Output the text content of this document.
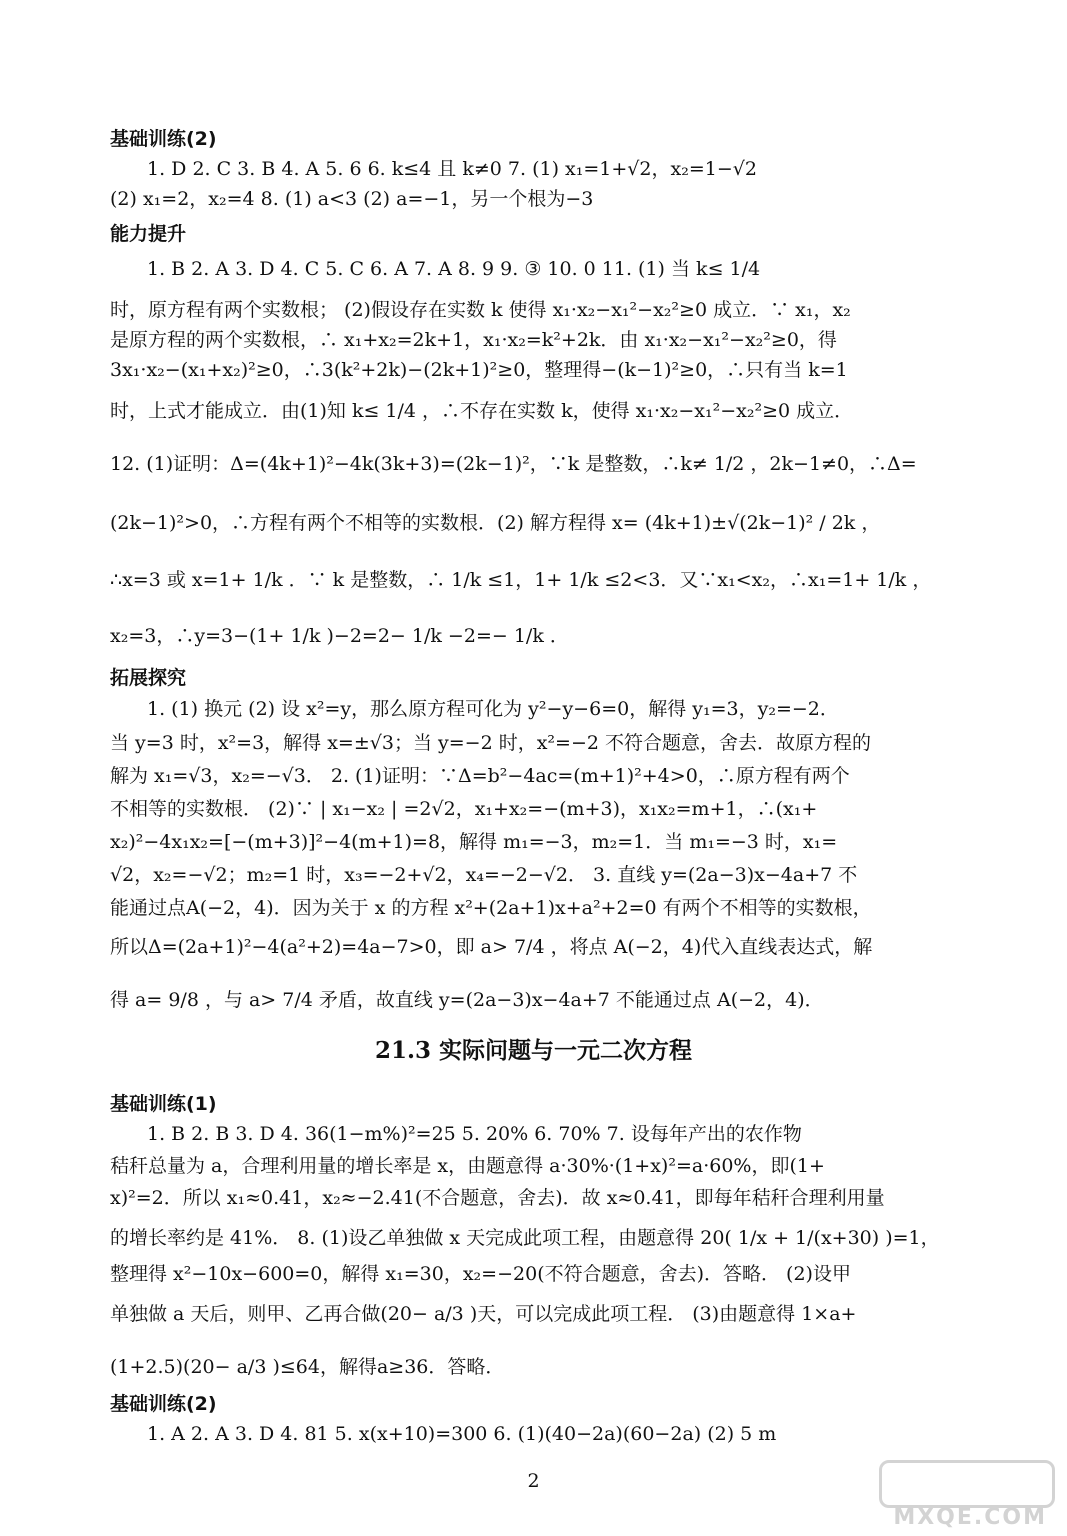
基础训练(2)
能力提升
拓展探究
1. D 2. C 3. B 4. A 5. 6 6. k≤4 且 k≠0 7. (1) x₁=1+√2，x₂=1−√2
(2) x₁=2，x₂=4 8. (1) a<3 (2) a=−1，另一个根为−3
1. B 2. A 3. D 4. C 5. C 6. A 7. A 8. 9 9. ③ 10. 0 11. (1) 当 k≤ 1/4
时，原方程有两个实数根； (2)假设存在实数 k 使得 x₁·x₂−x₁²−x₂²≥0 成立．∵ x₁，x₂
是原方程的两个实数根，∴ x₁+x₂=2k+1，x₁·x₂=k²+2k．由 x₁·x₂−x₁²−x₂²≥0，得
3x₁·x₂−(x₁+x₂)²≥0，∴3(k²+2k)−(2k+1)²≥0，整理得−(k−1)²≥0，∴只有当 k=1
时，上式才能成立．由(1)知 k≤ 1/4 ，∴不存在实数 k，使得 x₁·x₂−x₁²−x₂²≥0 成立．
12. (1)证明：Δ=(4k+1)²−4k(3k+3)=(2k−1)²，∵k 是整数，∴k≠ 1/2 ，2k−1≠0，∴Δ=
(2k−1)²>0，∴方程有两个不相等的实数根．(2) 解方程得 x= (4k+1)±√(2k−1)² / 2k ，
∴x=3 或 x=1+ 1/k ．∵ k 是整数，∴ 1/k ≤1，1+ 1/k ≤2<3．又∵x₁<x₂，∴x₁=1+ 1/k ，
x₂=3，∴y=3−(1+ 1/k )−2=2− 1/k −2=− 1/k ．
1. (1) 换元 (2) 设 x²=y，那么原方程可化为 y²−y−6=0，解得 y₁=3，y₂=−2．
当 y=3 时，x²=3，解得 x=±√3；当 y=−2 时，x²=−2 不符合题意，舍去．故原方程的
解为 x₁=√3，x₂=−√3． 2. (1)证明：∵Δ=b²−4ac=(m+1)²+4>0，∴原方程有两个
不相等的实数根． (2)∵ | x₁−x₂ | =2√2，x₁+x₂=−(m+3)，x₁x₂=m+1，∴(x₁+
x₂)²−4x₁x₂=[−(m+3)]²−4(m+1)=8，解得 m₁=−3，m₂=1．当 m₁=−3 时，x₁=
√2，x₂=−√2；m₂=1 时，x₃=−2+√2，x₄=−2−√2． 3. 直线 y=(2a−3)x−4a+7 不
能通过点A(−2，4)．因为关于 x 的方程 x²+(2a+1)x+a²+2=0 有两个不相等的实数根，
所以Δ=(2a+1)²−4(a²+2)=4a−7>0，即 a> 7/4 ，将点 A(−2，4)代入直线表达式，解
得 a= 9/8 ，与 a> 7/4 矛盾，故直线 y=(2a−3)x−4a+7 不能通过点 A(−2，4)．
基础训练(1)
基础训练(2)
1. B 2. B 3. D 4. 36(1−m%)²=25 5. 20% 6. 70% 7. 设每年产出的农作物
秸秆总量为 a，合理利用量的增长率是 x，由题意得 a·30%·(1+x)²=a·60%，即(1+
x)²=2．所以 x₁≈0.41，x₂≈−2.41(不合题意，舍去)．故 x≈0.41，即每年秸秆合理利用量
的增长率约是 41%． 8. (1)设乙单独做 x 天完成此项工程，由题意得 20( 1/x + 1/(x+30) )=1，
整理得 x²−10x−600=0，解得 x₁=30，x₂=−20(不符合题意，舍去)．答略． (2)设甲
单独做 a 天后，则甲、乙再合做(20− a/3 )天，可以完成此项工程． (3)由题意得 1×a+
(1+2.5)(20− a/3 )≤64，解得a≥36．答略．
1. A 2. A 3. D 4. 81 5. x(x+10)=300 6. (1)(40−2a)(60−2a) (2) 5 m
21.3 实际问题与一元二次方程
2
MXQE.COM
